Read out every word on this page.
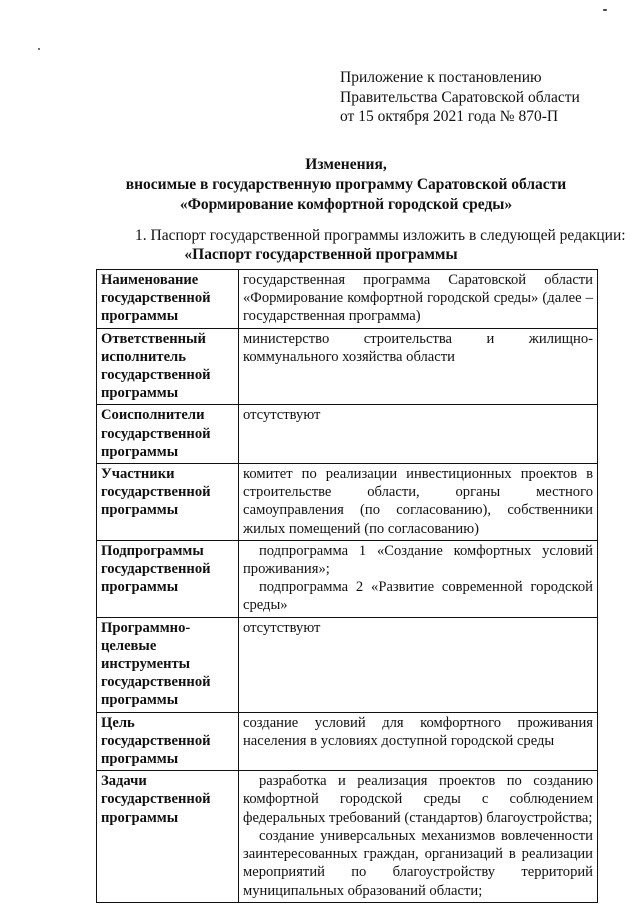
Приложение к постановлению
Правительства Саратовской области
от 15 октября 2021 года № 870-П
Изменения,
вносимые в государственную программу Саратовской области
«Формирование комфортной городской среды»
1. Паспорт государственной программы изложить в следующей редакции:
«Паспорт государственной программы
Наименование государственной программы	государственная программа Саратовской области «Формирование комфортной городской среды» (далее – государственная программа)

Ответственный исполнитель государственной программы	министерство строительства и жилищно-коммунального хозяйства области

Соисполнители государственной программы	отсутствуют

Участники государственной программы	комитет по реализации инвестиционных проектов в строительстве области, органы местного самоуправления (по согласованию), собственники жилых помещений (по согласованию)

Подпрограммы государственной программы	подпрограмма 1 «Создание комфортных условий проживания»;
подпрограмма 2 «Развитие современной городской среды»

Программно-целевые инструменты государственной программы	отсутствуют

Цель государственной программы	создание условий для комфортного проживания населения в условиях доступной городской среды

Задачи государственной программы	разработка и реализация проектов по созданию комфортной городской среды с соблюдением федеральных требований (стандартов) благоустройства;
создание универсальных механизмов вовлеченности заинтересованных граждан, организаций в реализации мероприятий по благоустройству территорий муниципальных образований области;
